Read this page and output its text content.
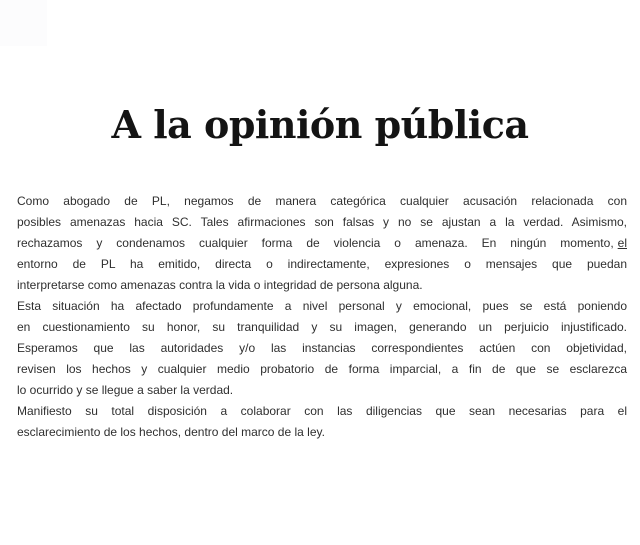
A la opinión pública
Como abogado de PL, negamos de manera categórica cualquier acusación relacionada con
posibles amenazas hacia SC. Tales afirmaciones son falsas y no se ajustan a la verdad. Asimismo,
rechazamos y condenamos cualquier forma de violencia o amenaza. En ningún momento, el
entorno de PL ha emitido, directa o indirectamente, expresiones o mensajes que puedan
interpretarse como amenazas contra la vida o integridad de persona alguna.
Esta situación ha afectado profundamente a nivel personal y emocional, pues se está poniendo
en cuestionamiento su honor, su tranquilidad y su imagen, generando un perjuicio injustificado.
Esperamos que las autoridades y/o las instancias correspondientes actúen con objetividad,
revisen los hechos y cualquier medio probatorio de forma imparcial, a fin de que se esclarezca
lo ocurrido y se llegue a saber la verdad.
Manifiesto su total disposición a colaborar con las diligencias que sean necesarias para el
esclarecimiento de los hechos, dentro del marco de la ley.
